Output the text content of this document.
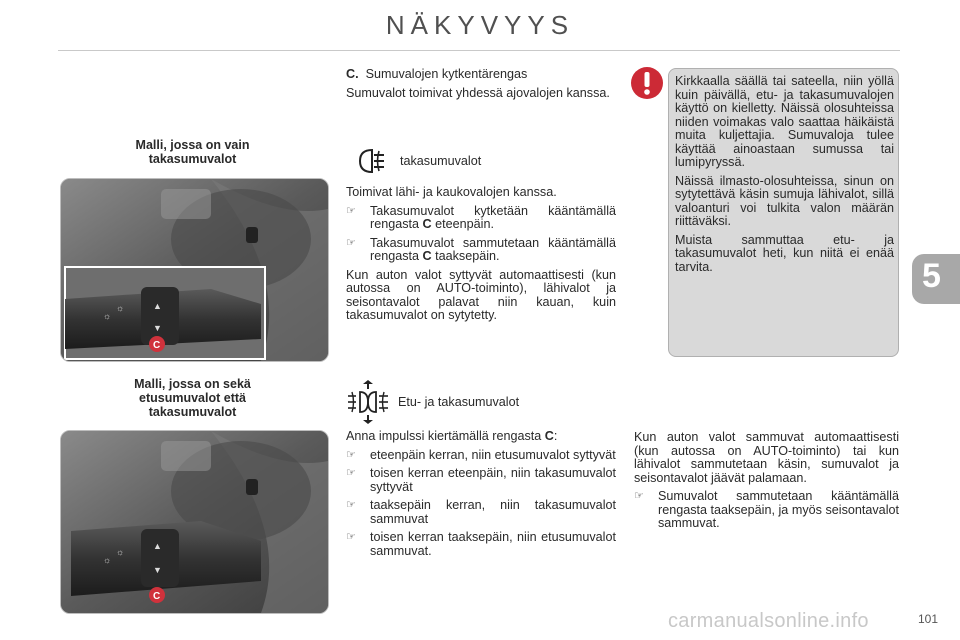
NÄKYVYYS
5
Malli, jossa on vain takasumuvalot
▲
▼
☼
☼
C
Malli, jossa on sekä etusumuvalot että takasumuvalot
▲
▼
☼
☼
C

C. Sumuvalojen kytkentärengas

Sumuvalot toimivat yhdessä ajovalojen kanssa.

takasumuvalot

Toimivat lähi- ja kaukovalojen kanssa.

☞	Takasumuvalot kytketään kääntämällä rengasta C eteenpäin.
☞	Takasumuvalot sammutetaan kääntämällä rengasta C taaksepäin.

Kun auton valot syttyvät automaattisesti (kun autossa on AUTO-toiminto), lähivalot ja seisontavalot palavat niin kauan, kuin takasumuvalot on sytytetty.

Etu- ja takasumuvalot

Anna impulssi kiertämällä rengasta C:

☞	eteenpäin kerran, niin etusumuvalot syttyvät
☞	toisen kerran eteenpäin, niin takasumuvalot syttyvät
☞	taaksepäin kerran, niin takasumuvalot sammuvat
☞	toisen kerran taaksepäin, niin etusumuvalot sammuvat.

Kirkkaalla säällä tai sateella, niin yöllä kuin päivällä, etu- ja takasumuvalojen käyttö on kielletty. Näissä olosuhteissa niiden voimakas valo saattaa häikäistä muita kuljettajia. Sumuvaloja tulee käyttää ainoastaan sumussa tai lumipyryssä.

Näissä ilmasto-olosuhteissa, sinun on sytytettävä käsin sumuja lähivalot, sillä valoanturi voi tulkita valon määrän riittäväksi.

Muista sammuttaa etu- ja takasumuvalot heti, kun niitä ei enää tarvita.

Kun auton valot sammuvat automaattisesti (kun autossa on AUTO-toiminto) tai kun lähivalot sammutetaan käsin, sumuvalot ja seisontavalot jäävät palamaan.

☞	Sumuvalot sammutetaan kääntämällä rengasta taaksepäin, ja myös seisontavalot sammuvat.
carmanualsonline.info	101
